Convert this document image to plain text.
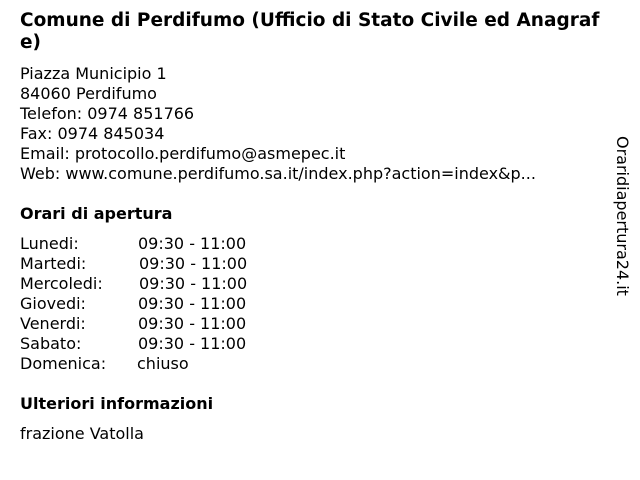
Comune di Perdifumo (Ufficio di Stato Civile ed Anagrafe)
Piazza Municipio 1
84060 Perdifumo
Telefon: 0974 851766
Fax: 0974 845034
Email: protocollo.perdifumo@asmepec.it
Web: www.comune.perdifumo.sa.it/index.php?action=index&p...
Orari di apertura
Lunedi:	09:30 - 11:00
Martedi:	09:30 - 11:00
Mercoledi: 09:30 - 11:00
Giovedi:	09:30 - 11:00
Venerdi:	09:30 - 11:00
Sabato:	09:30 - 11:00
Domenica: chiuso
Ulteriori informazioni
frazione Vatolla
Oraridiapertura24.it
